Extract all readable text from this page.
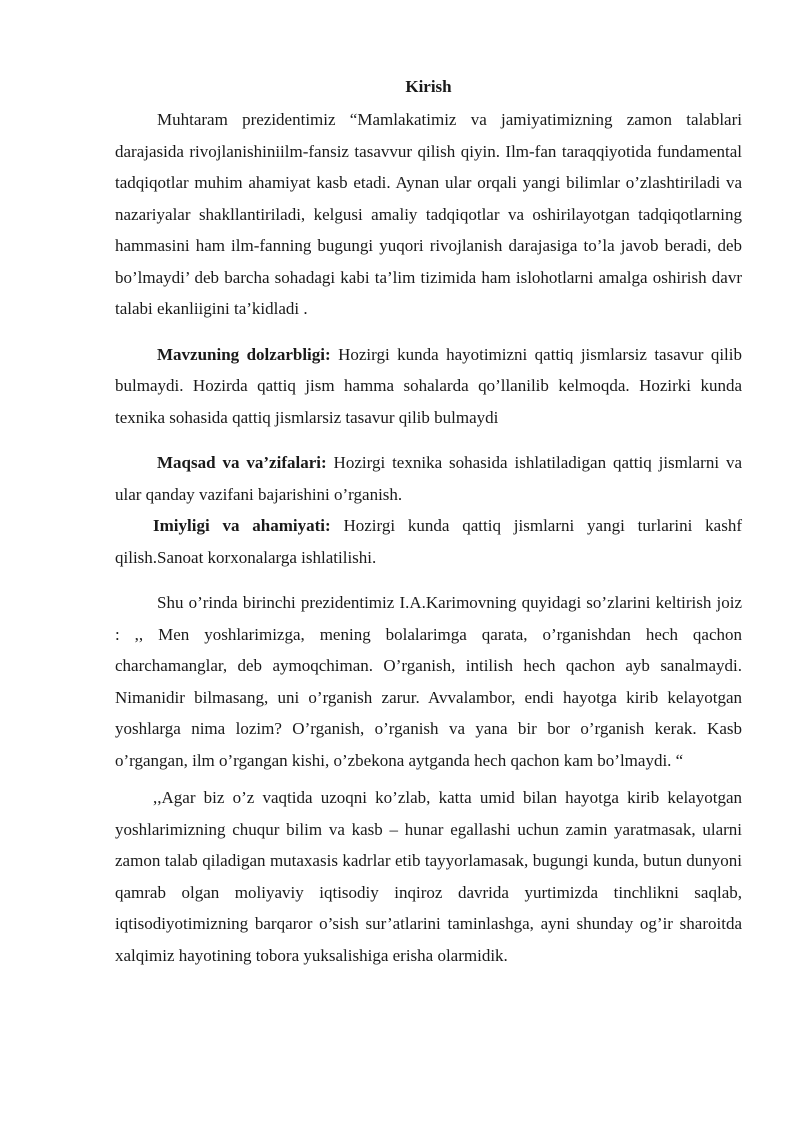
Kirish

Muhtaram prezidentimiz “Mamlakatimiz va jamiyatimizning zamon talablari darajasida rivojlanishiniilm-fansiz tasavvur qilish qiyin. Ilm-fan taraqqiyotida fundamental tadqiqotlar muhim ahamiyat kasb etadi. Aynan ular orqali yangi bilimlar o’zlashtiriladi va nazariyalar shakllantiriladi, kelgusi amaliy tadqiqotlar va oshirilayotgan tadqiqotlarning hammasini ham ilm-fanning bugungi yuqori rivojlanish darajasiga to’la javob beradi, deb bo’lmaydi’ deb barcha sohadagi kabi ta’lim tizimida ham islohotlarni amalga oshirish davr talabi ekanliigini ta’kidladi .

Mavzuning dolzarbligi: Hozirgi kunda hayotimizni qattiq jismlarsiz tasavur qilib bulmaydi. Hozirda qattiq jism hamma sohalarda qo’llanilib kelmoqda. Hozirki kunda texnika sohasida qattiq jismlarsiz tasavur qilib bulmaydi

Maqsad va va’zifalari: Hozirgi texnika sohasida ishlatiladigan qattiq jismlarni va ular qanday vazifani bajarishini o’rganish.

Imiyligi va ahamiyati: Hozirgi kunda qattiq jismlarni yangi turlarini kashf qilish.Sanoat korxonalarga ishlatilishi.

Shu o’rinda birinchi prezidentimiz I.A.Karimovning quyidagi so’zlarini keltirish joiz : ,, Men yoshlarimizga, mening bolalarimga qarata, o’rganishdan hech qachon charchamanglar, deb aymoqchiman. O’rganish, intilish hech qachon ayb sanalmaydi. Nimanidir bilmasang, uni o’rganish zarur. Avvalambor, endi hayotga kirib kelayotgan yoshlarga nima lozim? O’rganish, o’rganish va yana bir bor o’rganish kerak. Kasb o’rgangan, ilm o’rgangan kishi, o’zbekona aytganda hech qachon kam bo’lmaydi. “

,,Agar biz o’z vaqtida uzoqni ko’zlab, katta umid bilan hayotga kirib kelayotgan yoshlarimizning chuqur bilim va kasb – hunar egallashi uchun zamin yaratmasak, ularni zamon talab qiladigan mutaxasis kadrlar etib tayyorlamasak, bugungi kunda, butun dunyoni qamrab olgan moliyaviy iqtisodiy inqiroz davrida yurtimizda tinchlikni saqlab, iqtisodiyotimizning barqaror o’sish sur’atlarini taminlashga, ayni shunday og’ir sharoitda xalqimiz hayotining tobora yuksalishiga erisha olarmidik.
